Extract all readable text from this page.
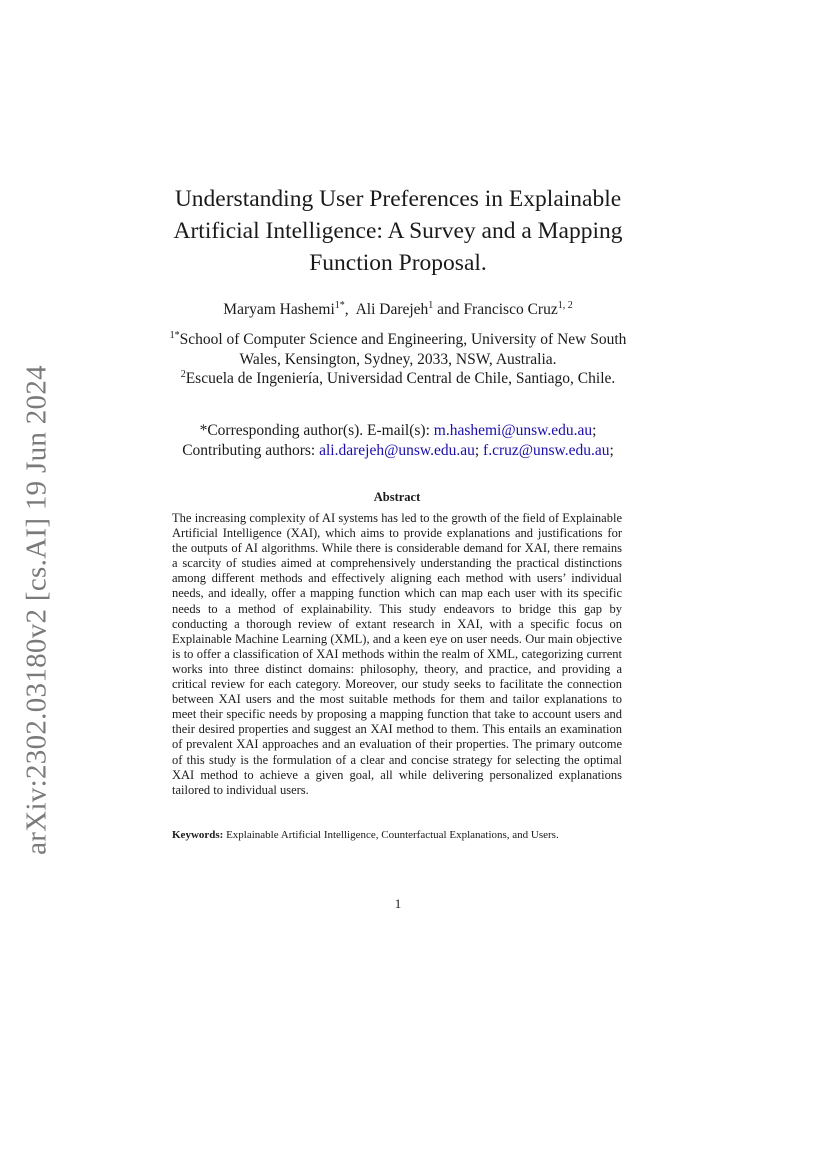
arXiv:2302.03180v2 [cs.AI] 19 Jun 2024
Understanding User Preferences in Explainable
Artificial Intelligence: A Survey and a Mapping
Function Proposal.
Maryam Hashemi$^{1*}$,  Ali Darejeh$^1$ and Francisco Cruz$^{1, 2}$

$^{1*}$School of Computer Science and Engineering, University of New South

Wales, Kensington, Sydney, 2033, NSW, Australia.

$^2$Escuela de Ingeniería, Universidad Central de Chile, Santiago, Chile.

*Corresponding author(s). E-mail(s): m.hashemi@unsw.edu.au;

Contributing authors: ali.darejeh@unsw.edu.au; f.cruz@unsw.edu.au;

Abstract

The increasing complexity of AI systems has led to the growth of the field of Explainable Artificial Intelligence (XAI), which aims to provide explanations and justifications for the outputs of AI algorithms. While there is considerable demand for XAI, there remains a scarcity of studies aimed at comprehensively understanding the practical distinctions among different methods and effectively aligning each method with users’ individual needs, and ideally, offer a mapping function which can map each user with its specific needs to a method of explainability. This study endeavors to bridge this gap by conducting a thorough review of extant research in XAI, with a specific focus on Explainable Machine Learning (XML), and a keen eye on user needs. Our main objective is to offer a classification of XAI methods within the realm of XML, categorizing current works into three distinct domains: philosophy, theory, and practice, and providing a critical review for each category. Moreover, our study seeks to facilitate the connection between XAI users and the most suitable methods for them and tailor explanations to meet their specific needs by proposing a mapping function that take to account users and their desired properties and suggest an XAI method to them. This entails an examination of prevalent XAI approaches and an evaluation of their properties. The primary outcome of this study is the formulation of a clear and concise strategy for selecting the optimal XAI method to achieve a given goal, all while delivering personalized explanations tailored to individual users.

Keywords: Explainable Artificial Intelligence, Counterfactual Explanations, and Users.
1
